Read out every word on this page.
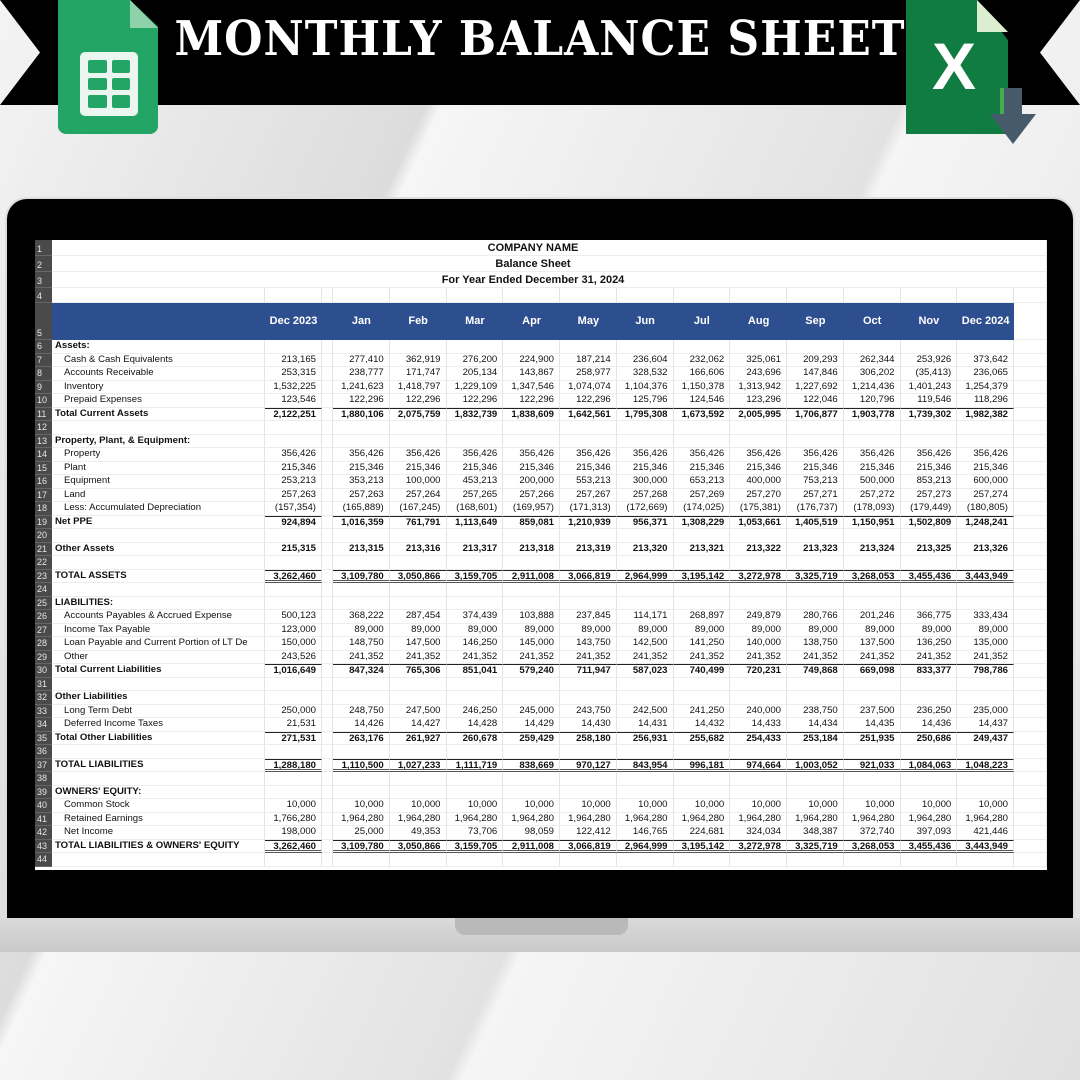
MONTHLY BALANCE SHEET X
1	COMPANY NAME
2	Balance Sheet
3	For Year Ended December 31, 2024
4
5
Dec 2023	Jan	Feb	Mar	Apr	May	Jun	Jul	Aug	Sep	Oct	Nov	Dec 2024
6	Assets:
7	Cash & Cash Equivalents	213,165	277,410	362,919	276,200	224,900	187,214	236,604	232,062	325,061	209,293	262,344	253,926	373,642
8	Accounts Receivable	253,315	238,777	171,747	205,134	143,867	258,977	328,532	166,606	243,696	147,846	306,202	(35,413)	236,065
9	Inventory	1,532,225	1,241,623	1,418,797	1,229,109	1,347,546	1,074,074	1,104,376	1,150,378	1,313,942	1,227,692	1,214,436	1,401,243	1,254,379
10	Prepaid Expenses	123,546	122,296	122,296	122,296	122,296	122,296	125,796	124,546	123,296	122,046	120,796	119,546	118,296
11 Total Current Assets	2,122,251	1,880,106	2,075,759	1,832,739	1,838,609	1,642,561	1,795,308	1,673,592	2,005,995	1,706,877	1,903,778	1,739,302	1,982,382
12
13 Property, Plant, & Equipment:
14	Property	356,426	356,426	356,426	356,426	356,426	356,426	356,426	356,426	356,426	356,426	356,426	356,426	356,426
15	Plant	215,346	215,346	215,346	215,346	215,346	215,346	215,346	215,346	215,346	215,346	215,346	215,346	215,346
16	Equipment	253,213	353,213	100,000	453,213	200,000	553,213	300,000	653,213	400,000	753,213	500,000	853,213	600,000
17	Land	257,263	257,263	257,264	257,265	257,266	257,267	257,268	257,269	257,270	257,271	257,272	257,273	257,274
18	Less: Accumulated Depreciation	(157,354)	(165,889)	(167,245)	(168,601)	(169,957)	(171,313)	(172,669)	(174,025)	(175,381)	(176,737)	(178,093)	(179,449)	(180,805)
19 Net PPE	924,894	1,016,359	761,791	1,113,649	859,081	1,210,939	956,371	1,308,229	1,053,661	1,405,519	1,150,951	1,502,809	1,248,241
20
21 Other Assets	215,315	213,315	213,316	213,317	213,318	213,319	213,320	213,321	213,322	213,323	213,324	213,325	213,326
22
23 TOTAL ASSETS	3,262,460	3,109,780	3,050,866	3,159,705	2,911,008	3,066,819	2,964,999	3,195,142	3,272,978	3,325,719	3,268,053	3,455,436	3,443,949
24
25 LIABILITIES:
26	Accounts Payables & Accrued Expense	500,123	368,222	287,454	374,439	103,888	237,845	114,171	268,897	249,879	280,766	201,246	366,775	333,434
27	Income Tax Payable	123,000	89,000	89,000	89,000	89,000	89,000	89,000	89,000	89,000	89,000	89,000	89,000	89,000
28	Loan Payable and Current Portion of LT De	150,000	148,750	147,500	146,250	145,000	143,750	142,500	141,250	140,000	138,750	137,500	136,250	135,000
29	Other	243,526	241,352	241,352	241,352	241,352	241,352	241,352	241,352	241,352	241,352	241,352	241,352	241,352
30 Total Current Liabilities	1,016,649	847,324	765,306	851,041	579,240	711,947	587,023	740,499	720,231	749,868	669,098	833,377	798,786
31
32 Other Liabilities
33	Long Term Debt	250,000	248,750	247,500	246,250	245,000	243,750	242,500	241,250	240,000	238,750	237,500	236,250	235,000
34	Deferred Income Taxes	21,531	14,426	14,427	14,428	14,429	14,430	14,431	14,432	14,433	14,434	14,435	14,436	14,437
35 Total Other Liabilities	271,531	263,176	261,927	260,678	259,429	258,180	256,931	255,682	254,433	253,184	251,935	250,686	249,437
36
37 TOTAL LIABILITIES	1,288,180	1,110,500	1,027,233	1,111,719	838,669	970,127	843,954	996,181	974,664	1,003,052	921,033	1,084,063	1,048,223
38
39 OWNERS' EQUITY:
40	Common Stock	10,000	10,000	10,000	10,000	10,000	10,000	10,000	10,000	10,000	10,000	10,000	10,000	10,000
41	Retained Earnings	1,766,280	1,964,280	1,964,280	1,964,280	1,964,280	1,964,280	1,964,280	1,964,280	1,964,280	1,964,280	1,964,280	1,964,280	1,964,280
42	Net Income	198,000	25,000	49,353	73,706	98,059	122,412	146,765	224,681	324,034	348,387	372,740	397,093	421,446
43 TOTAL LIABILITIES & OWNERS' EQUITY	3,262,460	3,109,780	3,050,866	3,159,705	2,911,008	3,066,819	2,964,999	3,195,142	3,272,978	3,325,719	3,268,053	3,455,436	3,443,949
44
